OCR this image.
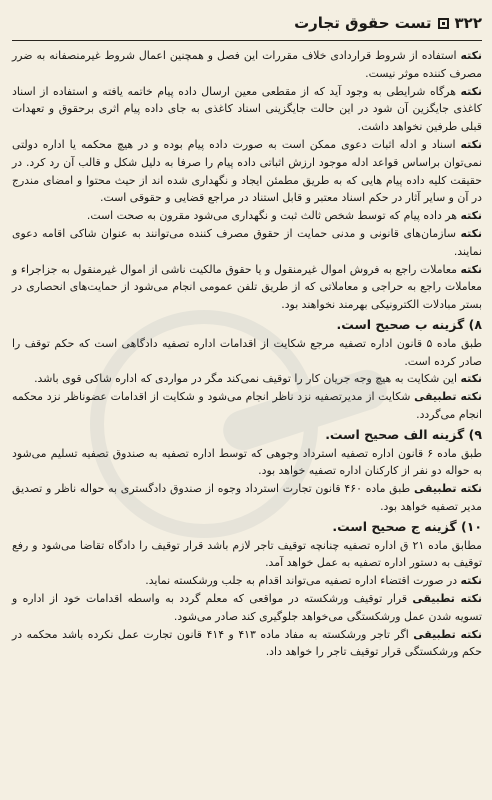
۳۲۲
تست حقوق تجارت

نکته استفاده از شروط قراردادی خلاف مقررات این فصل و همچنین اعمال شروط غیرمنصفانه به ضرر مصرف کننده موثر نیست.

نکته هرگاه شرایطی به وجود آید که از مقطعی معین ارسال داده پیام خاتمه یافته و استفاده از اسناد کاغذی جایگزین آن شود در این حالت جایگزینی اسناد کاغذی به جای داده پیام اثری برحقوق و تعهدات قبلی طرفین نخواهد داشت.

نکته اسناد و ادله اثبات دعوی ممکن است به صورت داده پیام بوده و در هیچ محکمه یا اداره دولتی نمی‌توان براساس قواعد ادله موجود ارزش اثباتی داده پیام را صرفا به دلیل شکل و قالب آن رد کرد. در حقیقت کلیه داده پیام هایی که به طریق مطمئن ایجاد و نگهداری شده اند از حیث محتوا و امضای مندرج در آن و سایر آثار در حکم اسناد معتبر و قابل استناد در مراجع قضایی و حقوقی است.

نکته هر داده پیام که توسط شخص ثالث ثبت و نگهداری می‌شود مقرون به صحت است.

نکته سازمان‌های قانونی و مدنی حمایت از حقوق مصرف کننده می‌توانند به عنوان شاکی اقامه دعوی نمایند.

نکته معاملات راجع به فروش اموال غیرمنقول و یا حقوق مالکیت ناشی از اموال غیرمنقول به جزاجراء و معاملات راجع به حراجی و معاملاتی که از طریق تلفن عمومی انجام می‌شود از حمایت‌های انحصاری در بستر مبادلات الکترونیکی بهرمند نخواهند بود.

۸) گزینه ب صحیح است.

طبق ماده ۵ قانون اداره تصفیه مرجع شکایت از اقدامات اداره تصفیه دادگاهی است که حکم توقف را صادر کرده است.

نکته این شکایت به هیچ وجه جریان کار را توقیف نمی‌کند مگر در مواردی که اداره شاکی قوی باشد.

نکته تطبیقی شکایت از مدیرتصفیه نزد ناظر انجام می‌شود و شکایت از اقدامات عضوناظر نزد محکمه انجام می‌گردد.

۹) گزینه الف صحیح است.

طبق ماده ۶ قانون اداره تصفیه استرداد وجوهی که توسط اداره تصفیه به صندوق تصفیه تسلیم می‌شود به حواله دو نفر از کارکنان اداره تصفیه خواهد بود.

نکته تطبیقی طبق ماده ۴۶۰ قانون تجارت استرداد وجوه از صندوق دادگستری به حواله ناظر و تصدیق مدیر تصفیه خواهد بود.

۱۰) گزینه ج صحیح است.

مطابق ماده ۲۱ ق اداره تصفیه چنانچه توقیف تاجر لازم باشد قرار توقیف را دادگاه تقاضا می‌شود و رفع توقیف به دستور اداره تصفیه به عمل خواهد آمد.

نکته در صورت اقتضاء اداره تصفیه می‌تواند اقدام به جلب ورشکسته نماید.

نکته تطبیقی قرار توقیف ورشکسته در مواقعی که معلم گردد به واسطه اقدامات خود از اداره و تسویه شدن عمل ورشکستگی می‌خواهد جلوگیری کند صادر می‌شود.

نکته تطبیقی اگر تاجر ورشکسته به مفاد ماده ۴۱۳ و ۴۱۴ قانون تجارت عمل نکرده باشد محکمه در حکم ورشکستگی قرار توقیف تاجر را خواهد داد.
